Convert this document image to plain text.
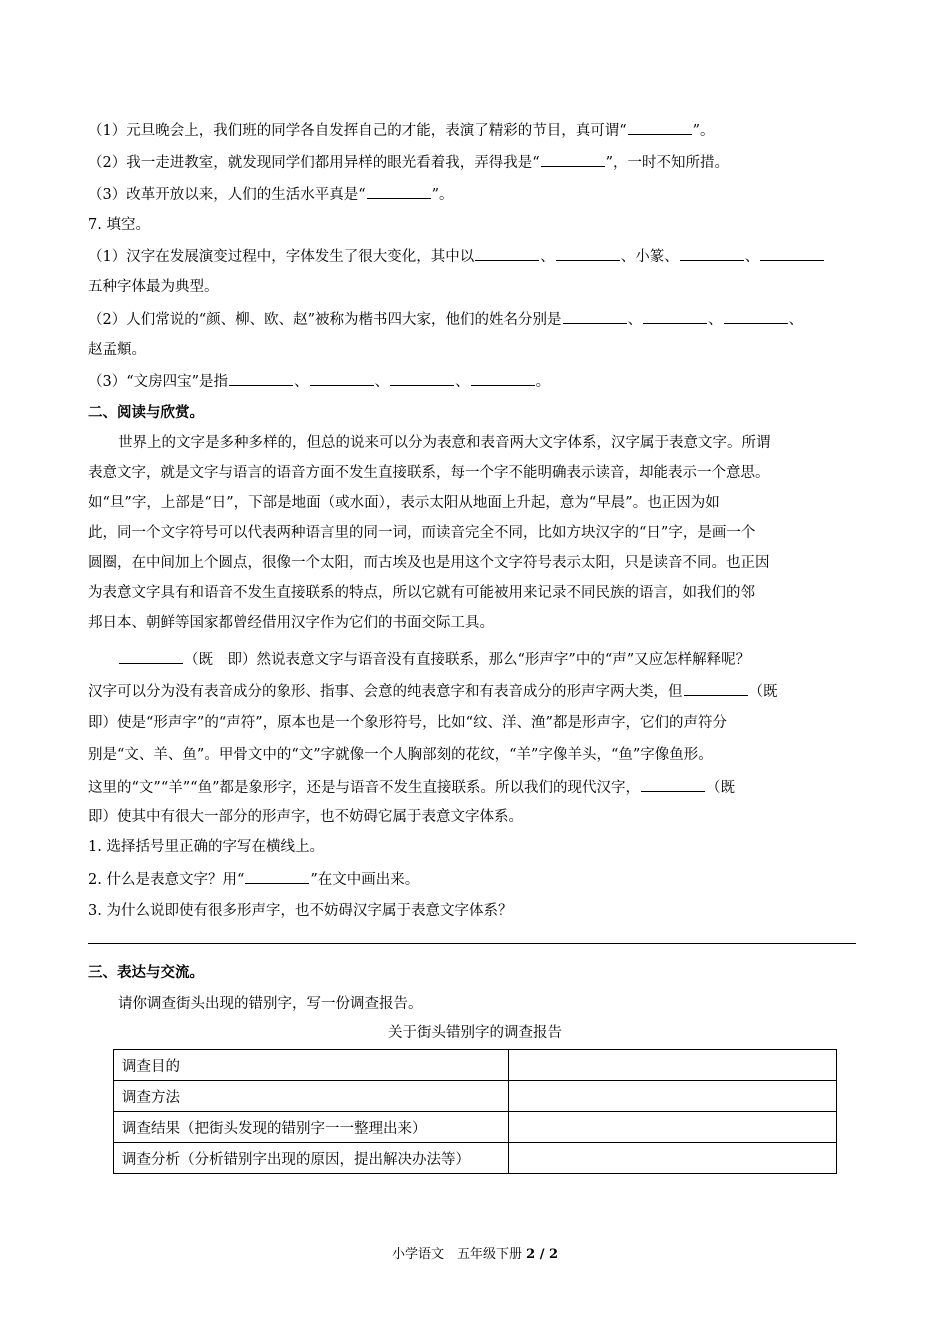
（1）元旦晚会上，我们班的同学各自发挥自己的才能，表演了精彩的节目，真可谓“	”。
（2）我一走进教室，就发现同学们都用异样的眼光看着我，弄得我是“	”，一时不知所措。
（3）改革开放以来，人们的生活水平真是“	”。
7. 填空。
（1）汉字在发展演变过程中，字体发生了很大变化，其中以	、	、小篆、	、
五种字体最为典型。
（2）人们常说的“颜、柳、欧、赵”被称为楷书四大家，他们的姓名分别是	、	、	、
赵孟頫。
（3）“文房四宝”是指	、	、	、	。
二、阅读与欣赏。
世界上的文字是多种多样的，但总的说来可以分为表意和表音两大文字体系，汉字属于表意文字。所谓
表意文字，就是文字与语言的语音方面不发生直接联系，每一个字不能明确表示读音，却能表示一个意思。
如“旦”字，上部是“日”，下部是地面（或水面），表示太阳从地面上升起，意为“早晨”。也正因为如
此，同一个文字符号可以代表两种语言里的同一词，而读音完全不同，比如方块汉字的“日”字，是画一个
圆圈，在中间加上个圆点，很像一个太阳，而古埃及也是用这个文字符号表示太阳，只是读音不同。也正因
为表意文字具有和语音不发生直接联系的特点，所以它就有可能被用来记录不同民族的语言，如我们的邻
邦日本、朝鲜等国家都曾经借用汉字作为它们的书面交际工具。
（既　即）然说表意文字与语音没有直接联系，那么“形声字”中的“声”又应怎样解释呢？
汉字可以分为没有表音成分的象形、指事、会意的纯表意字和有表音成分的形声字两大类，但	（既
即）使是“形声字”的“声符”，原本也是一个象形符号，比如“纹、洋、渔”都是形声字，它们的声符分
别是“文、羊、鱼”。甲骨文中的“文”字就像一个人胸部刻的花纹，“羊”字像羊头，“鱼”字像鱼形。
这里的“文”“羊”“鱼”都是象形字，还是与语音不发生直接联系。所以我们的现代汉字，	（既
即）使其中有很大一部分的形声字，也不妨碍它属于表意文字体系。
1. 选择括号里正确的字写在横线上。
2. 什么是表意文字？用“	”在文中画出来。
3. 为什么说即使有很多形声字，也不妨碍汉字属于表意文字体系？
三、表达与交流。
请你调查街头出现的错别字，写一份调查报告。
关于街头错别字的调查报告
调查目的	
调查方法	
调查结果（把街头发现的错别字一一整理出来）	
调查分析（分析错别字出现的原因，提出解决办法等）	
小学语文　五年级下册 2 / 2
